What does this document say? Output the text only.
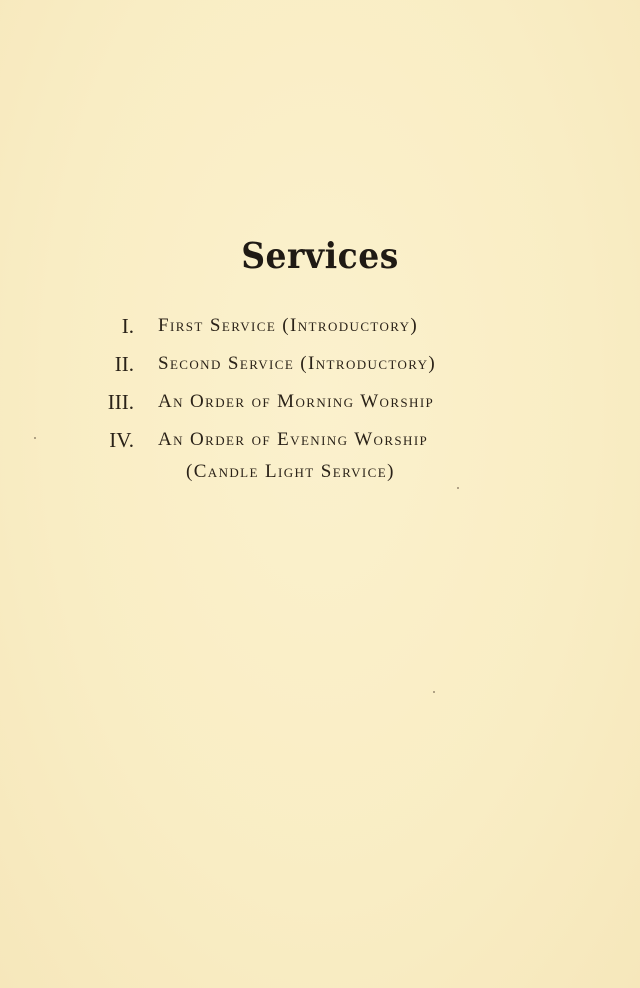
Services
I. First Service (Introductory)
II. Second Service (Introductory)
III. An Order of Morning Worship
IV. An Order of Evening Worship
(Candle Light Service)
